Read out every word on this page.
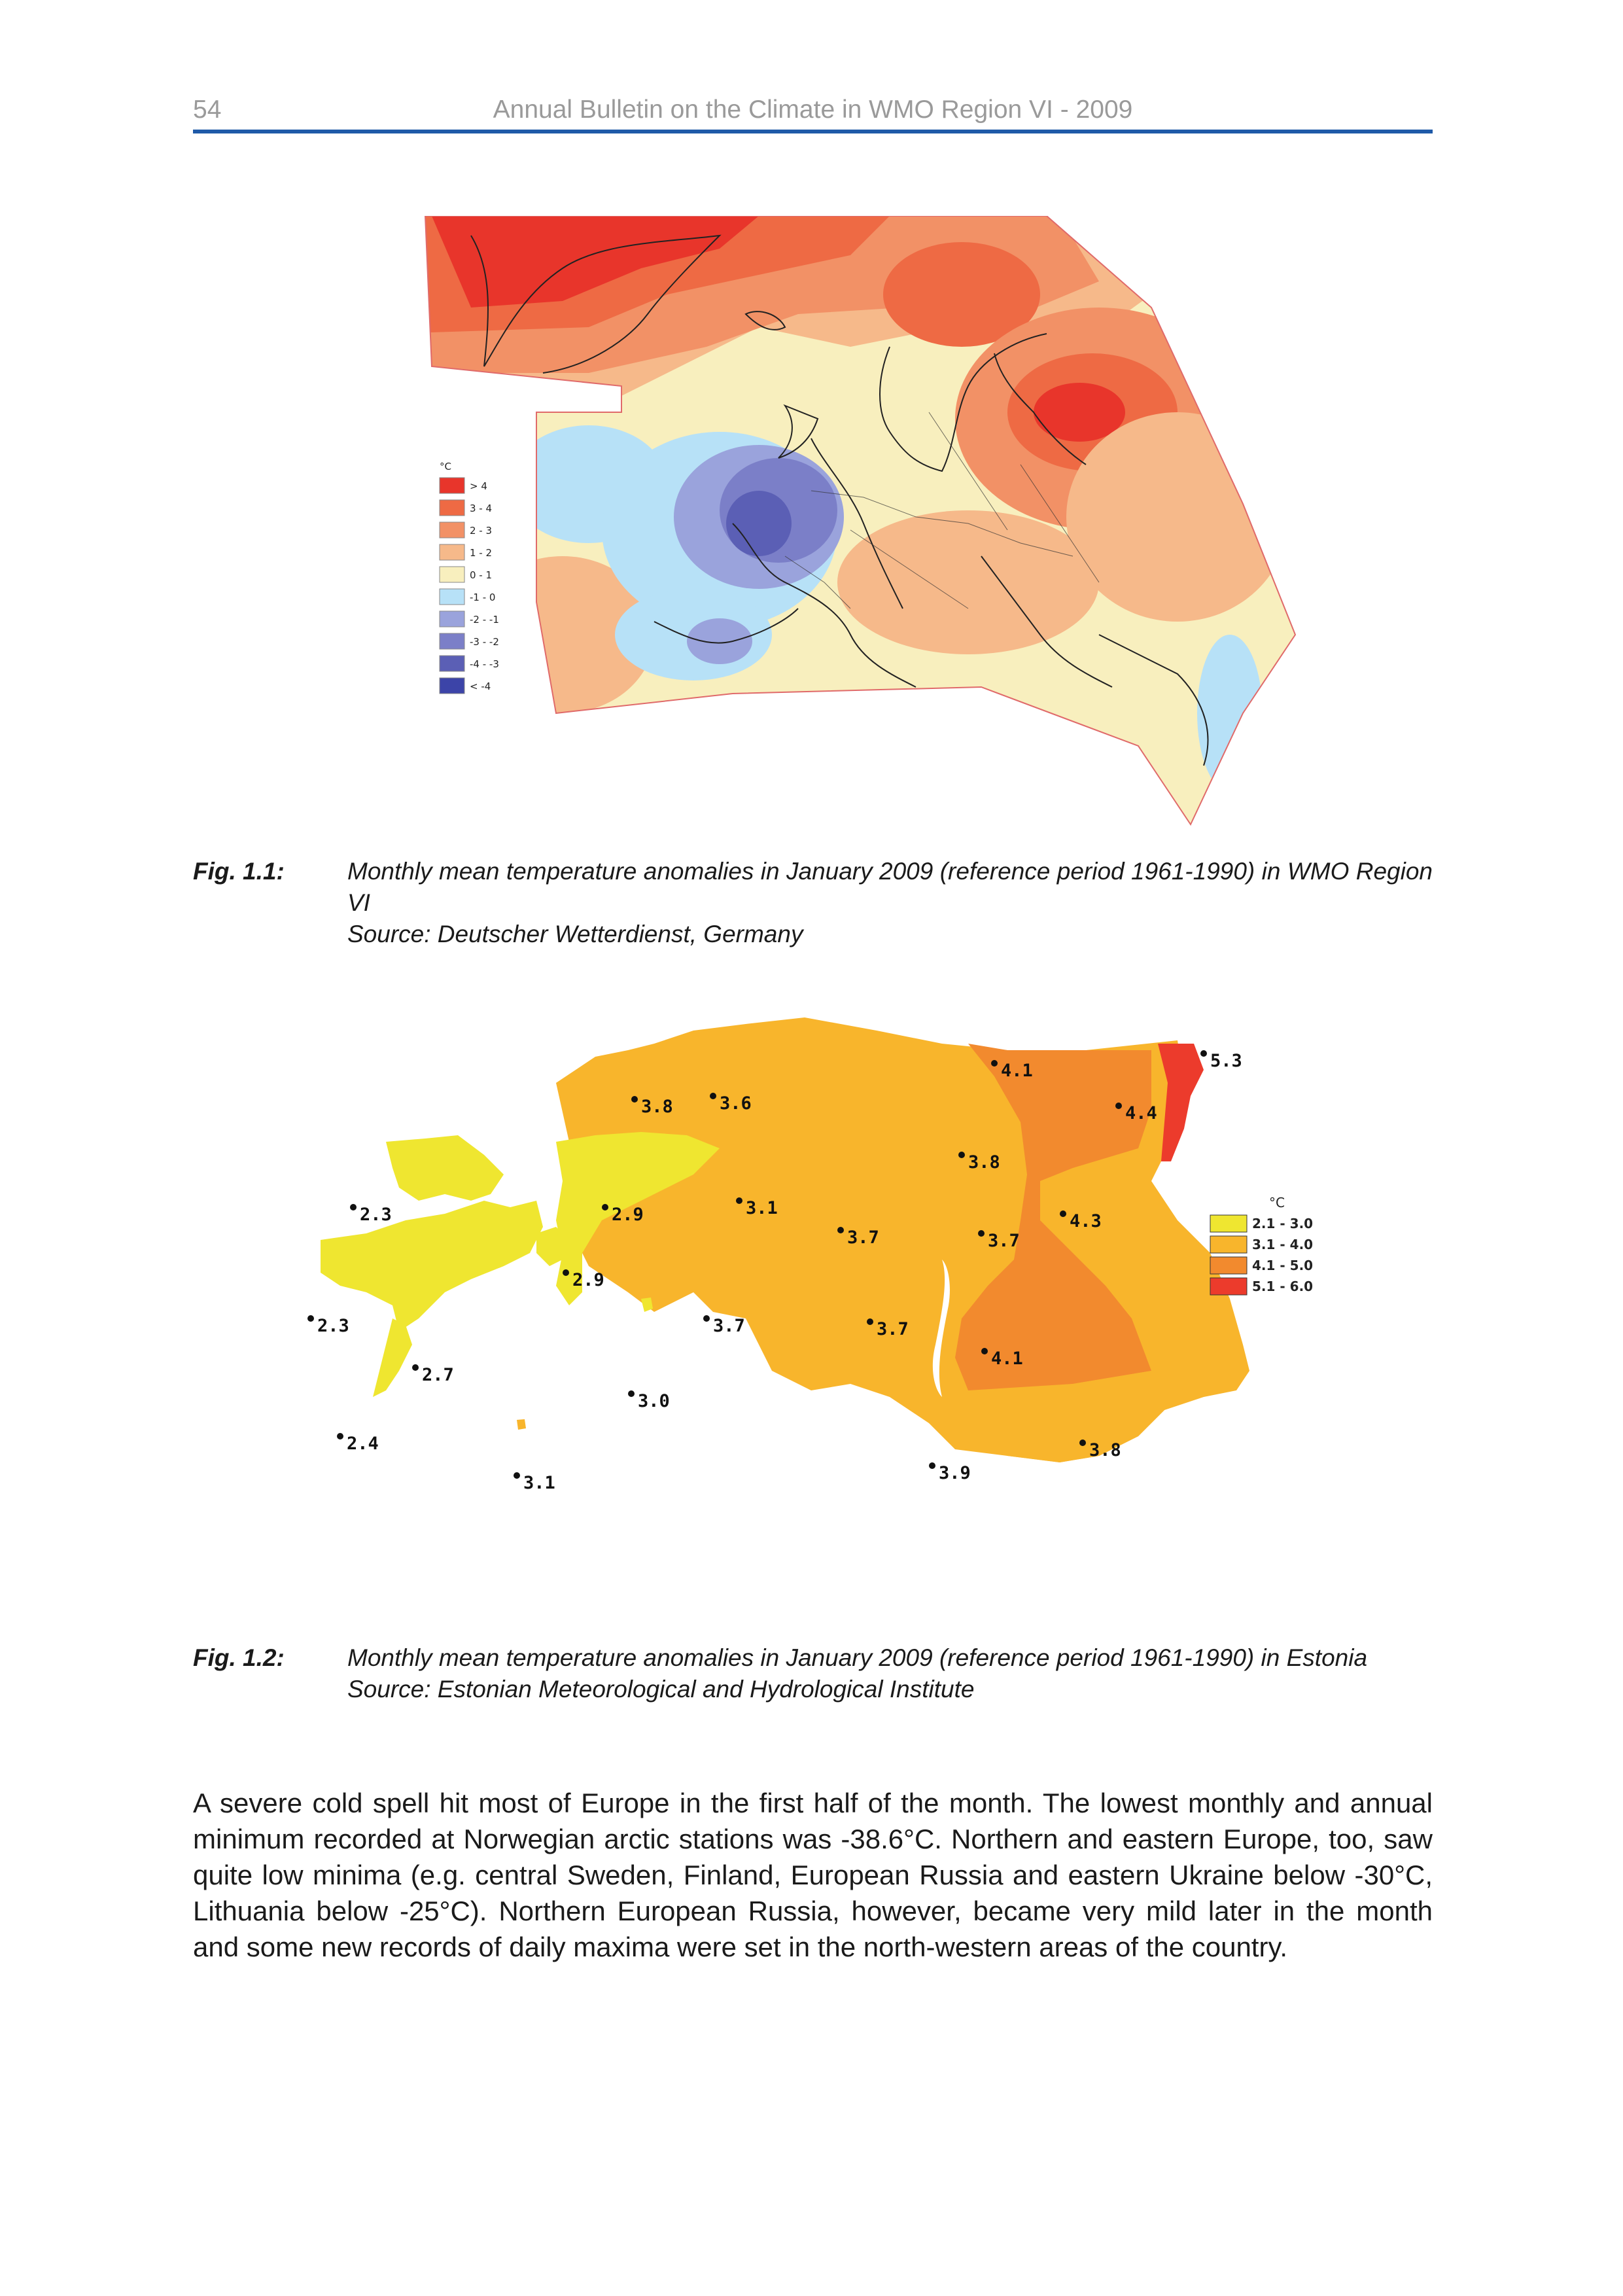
54	Annual Bulletin on the Climate in WMO Region VI - 2009
°C
> 4
3 - 4
2 - 3
1 - 2
0 - 1
-1 - 0
-2 - -1
-3 - -2
-4 - -3
< -4
Fig. 1.1:	Monthly mean temperature anomalies in January 2009 (reference period 1961-1990) in WMO Region VI
Source: Deutscher Wetterdienst, Germany
4.1	5.3
3.8	3.6	4.4
3.8
2.3	2.9	3.1
4.3
3.7	3.7
2.9
2.3	3.7	3.7
4.1
2.7
3.0
2.4	3.8
3.9
3.1
°C
2.1 - 3.0
3.1 - 4.0
4.1 - 5.0
5.1 - 6.0
Fig. 1.2:	Monthly mean temperature anomalies in January 2009 (reference period 1961-1990) in Estonia
Source: Estonian Meteorological and Hydrological Institute

A severe cold spell hit most of Europe in the first half of the month. The lowest monthly and annual minimum recorded at Norwegian arctic stations was -38.6°C. Northern and eastern Europe, too, saw quite low minima (e.g. central Sweden, Finland, European Russia and eastern Ukraine below -30°C, Lithuania below -25°C). Northern European Russia, however, became very mild later in the month and some new records of daily maxima were set in the north-western areas of the country.
